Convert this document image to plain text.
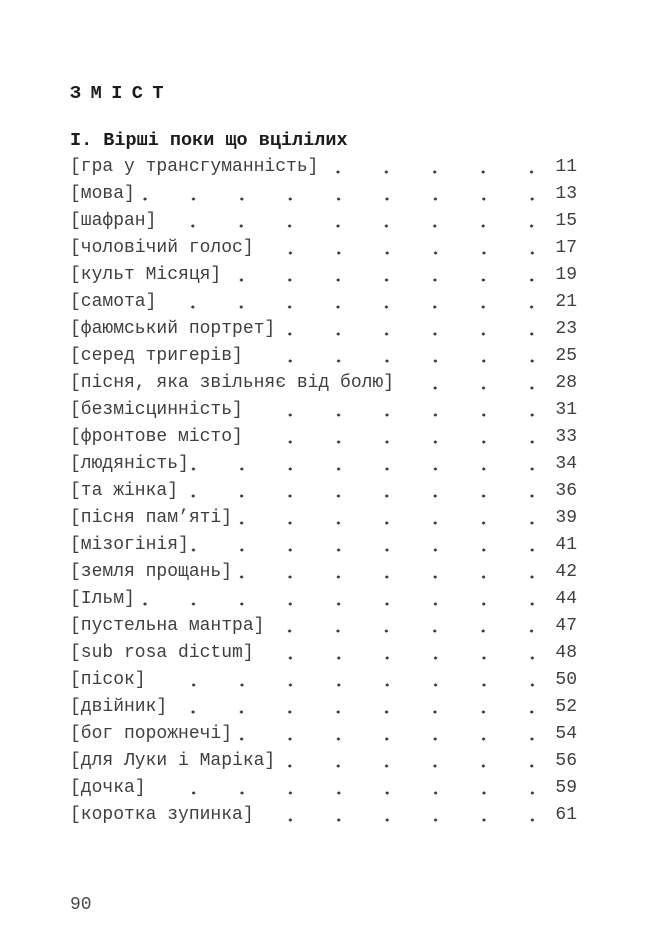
ЗМІСТ
І. Вірші поки що вцілілих
[гра у трансгуманність]	11
[мова]	13
[шафран]	15
[чоловічий голос]	17
[культ Місяця]	19
[самота]	21
[фаюмський портрет]	23
[серед тригерів]	25
[пісня, яка звільняє від болю]	28
[безмісцинність]	31
[фронтове місто]	33
[людяність]	34
[та жінка]	36
[пісня пам’яті]	39
[мізогінія]	41
[земля прощань]	42
[Ільм]	44
[пустельна мантра]	47
[sub rosa dictum]	48
[пісок]	50
[двійник]	52
[бог порожнечі]	54
[для Луки і Маріка]	56
[дочка]	59
[коротка зупинка]	61
90
